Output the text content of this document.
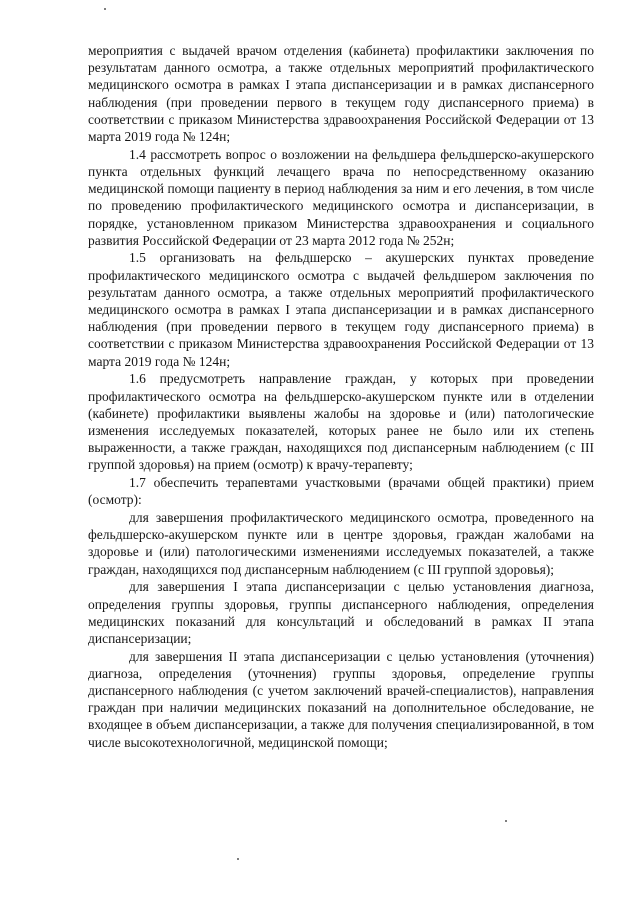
мероприятия с выдачей врачом отделения (кабинета) профилактики заключения по результатам данного осмотра, а также отдельных мероприятий профилактического медицинского осмотра в рамках I этапа диспансеризации и в рамках диспансерного наблюдения (при проведении первого в текущем году диспансерного приема) в соответствии с приказом Министерства здравоохранения Российской Федерации от 13 марта 2019 года № 124н;

1.4 рассмотреть вопрос о возложении на фельдшера фельдшерско-акушерского пункта отдельных функций лечащего врача по непосредственному оказанию медицинской помощи пациенту в период наблюдения за ним и его лечения, в том числе по проведению профилактического медицинского осмотра и диспансеризации, в порядке, установленном приказом Министерства здравоохранения и социального развития Российской Федерации от 23 марта 2012 года № 252н;

1.5 организовать на фельдшерско – акушерских пунктах проведение профилактического медицинского осмотра с выдачей фельдшером заключения по результатам данного осмотра, а также отдельных мероприятий профилактического медицинского осмотра в рамках I этапа диспансеризации и в рамках диспансерного наблюдения (при проведении первого в текущем году диспансерного приема) в соответствии с приказом Министерства здравоохранения Российской Федерации от 13 марта 2019 года № 124н;

1.6 предусмотреть направление граждан, у которых при проведении профилактического осмотра на фельдшерско-акушерском пункте или в отделении (кабинете) профилактики выявлены жалобы на здоровье и (или) патологические изменения исследуемых показателей, которых ранее не было или их степень выраженности, а также граждан, находящихся под диспансерным наблюдением (с III группой здоровья) на прием (осмотр) к врачу-терапевту;

1.7 обеспечить терапевтами участковыми (врачами общей практики) прием (осмотр):

для завершения профилактического медицинского осмотра, проведенного на фельдшерско-акушерском пункте или в центре здоровья, граждан жалобами на здоровье и (или) патологическими изменениями исследуемых показателей, а также граждан, находящихся под диспансерным наблюдением (с III группой здоровья);

для завершения I этапа диспансеризации с целью установления диагноза, определения группы здоровья, группы диспансерного наблюдения, определения медицинских показаний для консультаций и обследований в рамках II этапа диспансеризации;

для завершения II этапа диспансеризации с целью установления (уточнения) диагноза, определения (уточнения) группы здоровья, определение группы диспансерного наблюдения (с учетом заключений врачей-специалистов), направления граждан при наличии медицинских показаний на дополнительное обследование, не входящее в объем диспансеризации, а также для получения специализированной, в том числе высокотехнологичной, медицинской помощи;
